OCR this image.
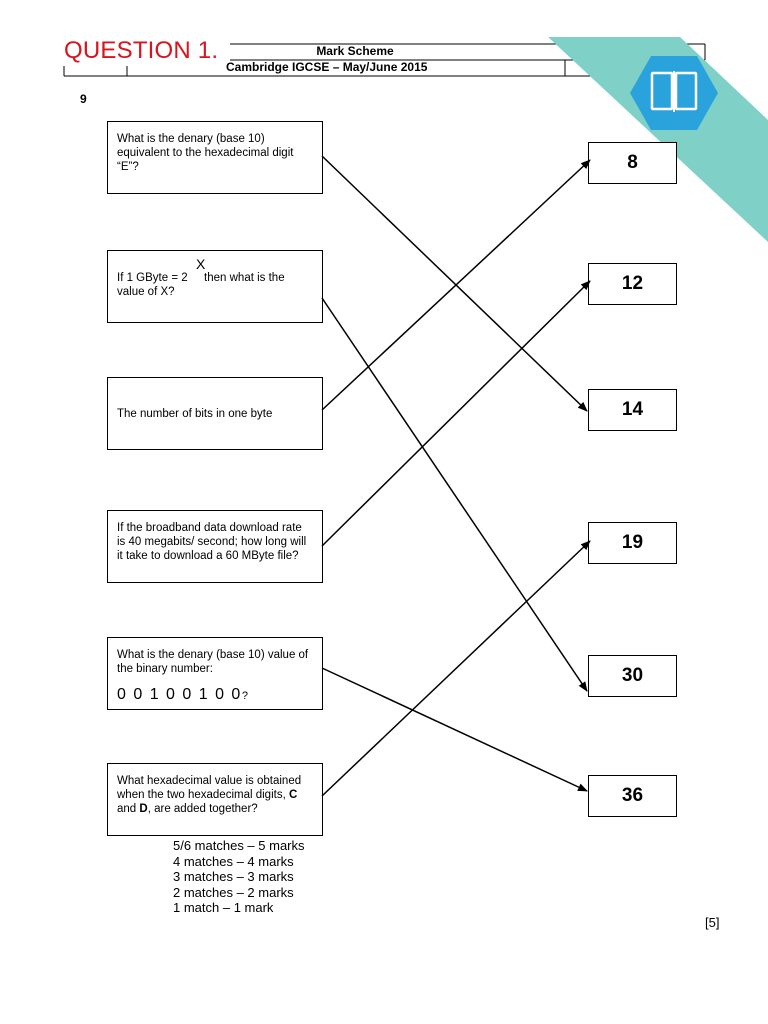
QUESTION 1.	Mark Scheme
Cambridge IGCSE – May/June 2015
9
What is the denary (base 10) equivalent to the hexadecimal digit “E”?
X
If 1 GByte = 2 then what is the value of X?
The number of bits in one byte
If the broadband data download rate is 40 megabits/ second; how long will it take to download a 60 MByte file?
What is the denary (base 10) value of the binary number:
0 0 1 0 0 1 0 0?
What hexadecimal value is obtained when the two hexadecimal digits, C and D, are added together?
8
12
14
19
30
36
5/6 matches – 5 marks
4 matches – 4 marks
3 matches – 3 marks
2 matches – 2 marks
1 match – 1 mark
[5]
